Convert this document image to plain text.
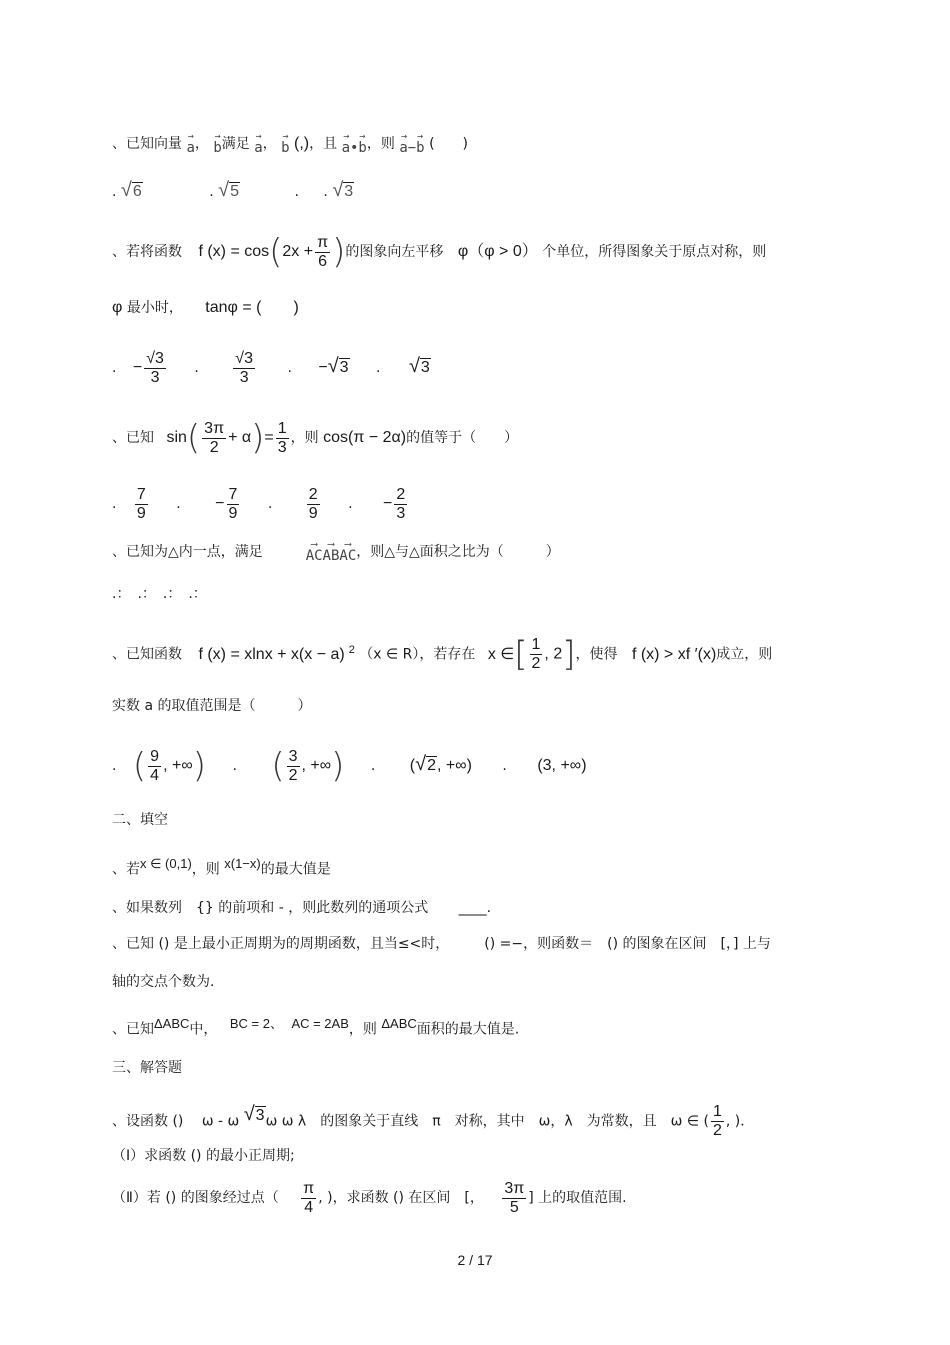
、已知向量 →
a ， →
b 满足 →
a ， →
b (,)，且 →　→
a•b ，则 →　→
a−b (　　)
. √6	. √5	. . √3
、若将函数 f $(x) = \cos(2x + \frac{\pi}{6}$ )的图象向左平移 φ（φ > 0） 个单位，所得图象关于原点对称，则
φ 最小时， tanφ = (　　)
. − $\frac{√3}{3}$ . $\frac{√3}{3}$ . −√3 . √3
、已知 $\sin( \frac{3\pi}{2} + \alpha)= \frac{1}{3}$ ，则 cos(π − 2α)的值等于（　　）
. $\frac{7}{9}$ . − $\frac{7}{9}$ . $\frac{2}{9}$ . − $\frac{2}{3}$
、已知为△内一点，满足	⟶
AC
⟶
AB
⟶
AC ，则△与△面积之比为（　　　）
.：　.：　.：　.：
、已知函数 f (x) = xlnx + x(x − a) $^2$ （x ∈ R），若存在 x ∈[ $\frac{1}{2}$ , 2]，使得 f (x) > xf ′(x)成立，则
实数 a 的取值范围是（　　　）
. ( $\frac{9}{4}$ , +∞) . ( $\frac{3}{2}$ , +∞) . (√2, +∞) . (3, +∞)
二、填空
、若$^{x \in (0,1)}$，则 $^{x(1-x)}$的最大值是
、如果数列　{} 的前项和 - ，则此数列的通项公式 ____.
、已知 () 是上最小正周期为的周期函数，且当≤<时，　　　() =−，则函数＝　() 的图象在区间　[，] 上与
轴的交点个数为.
、已知$^{\Delta ABC}$中， $^{BC = 2、}$ $^{AC = 2AB}$，则 $^{\Delta ABC}$面积的最大值是.
三、解答题
、设函数 ()　 ω - ω $^{√3}$ω ω λ　的图象关于直线　π　对称，其中　ω，λ　为常数，且　ω ∈ ( $\frac{1}{2}$ , )．
（Ⅰ）求函数 () 的最小正周期;
（Ⅱ）若 () 的图象经过点（ $\frac{\pi}{4}$ , )，求函数 () 在区间　[， $\frac{3\pi}{5}$ ] 上的取值范围.
2 / 17
